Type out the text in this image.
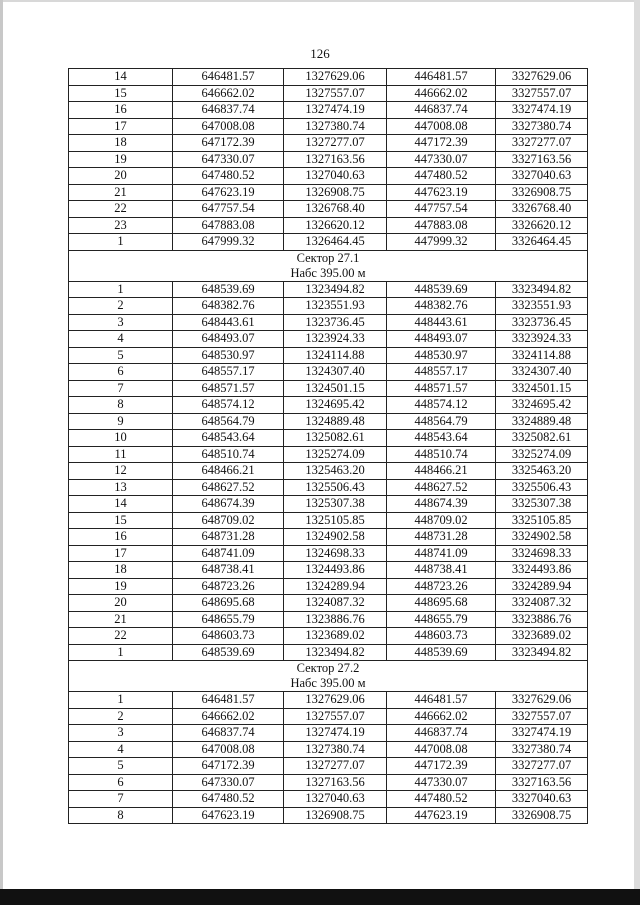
126
14	646481.57	1327629.06	446481.57	3327629.06
15	646662.02	1327557.07	446662.02	3327557.07
16	646837.74	1327474.19	446837.74	3327474.19
17	647008.08	1327380.74	447008.08	3327380.74
18	647172.39	1327277.07	447172.39	3327277.07
19	647330.07	1327163.56	447330.07	3327163.56
20	647480.52	1327040.63	447480.52	3327040.63
21	647623.19	1326908.75	447623.19	3326908.75
22	647757.54	1326768.40	447757.54	3326768.40
23	647883.08	1326620.12	447883.08	3326620.12
1	647999.32	1326464.45	447999.32	3326464.45

Сектор 27.1
Набс 395.00 м				

1	648539.69	1323494.82	448539.69	3323494.82
2	648382.76	1323551.93	448382.76	3323551.93
3	648443.61	1323736.45	448443.61	3323736.45
4	648493.07	1323924.33	448493.07	3323924.33
5	648530.97	1324114.88	448530.97	3324114.88
6	648557.17	1324307.40	448557.17	3324307.40
7	648571.57	1324501.15	448571.57	3324501.15
8	648574.12	1324695.42	448574.12	3324695.42
9	648564.79	1324889.48	448564.79	3324889.48
10	648543.64	1325082.61	448543.64	3325082.61
11	648510.74	1325274.09	448510.74	3325274.09
12	648466.21	1325463.20	448466.21	3325463.20
13	648627.52	1325506.43	448627.52	3325506.43
14	648674.39	1325307.38	448674.39	3325307.38
15	648709.02	1325105.85	448709.02	3325105.85
16	648731.28	1324902.58	448731.28	3324902.58
17	648741.09	1324698.33	448741.09	3324698.33
18	648738.41	1324493.86	448738.41	3324493.86
19	648723.26	1324289.94	448723.26	3324289.94
20	648695.68	1324087.32	448695.68	3324087.32
21	648655.79	1323886.76	448655.79	3323886.76
22	648603.73	1323689.02	448603.73	3323689.02
1	648539.69	1323494.82	448539.69	3323494.82

Сектор 27.2
Набс 395.00 м				

1	646481.57	1327629.06	446481.57	3327629.06
2	646662.02	1327557.07	446662.02	3327557.07
3	646837.74	1327474.19	446837.74	3327474.19
4	647008.08	1327380.74	447008.08	3327380.74
5	647172.39	1327277.07	447172.39	3327277.07
6	647330.07	1327163.56	447330.07	3327163.56
7	647480.52	1327040.63	447480.52	3327040.63
8	647623.19	1326908.75	447623.19	3326908.75
